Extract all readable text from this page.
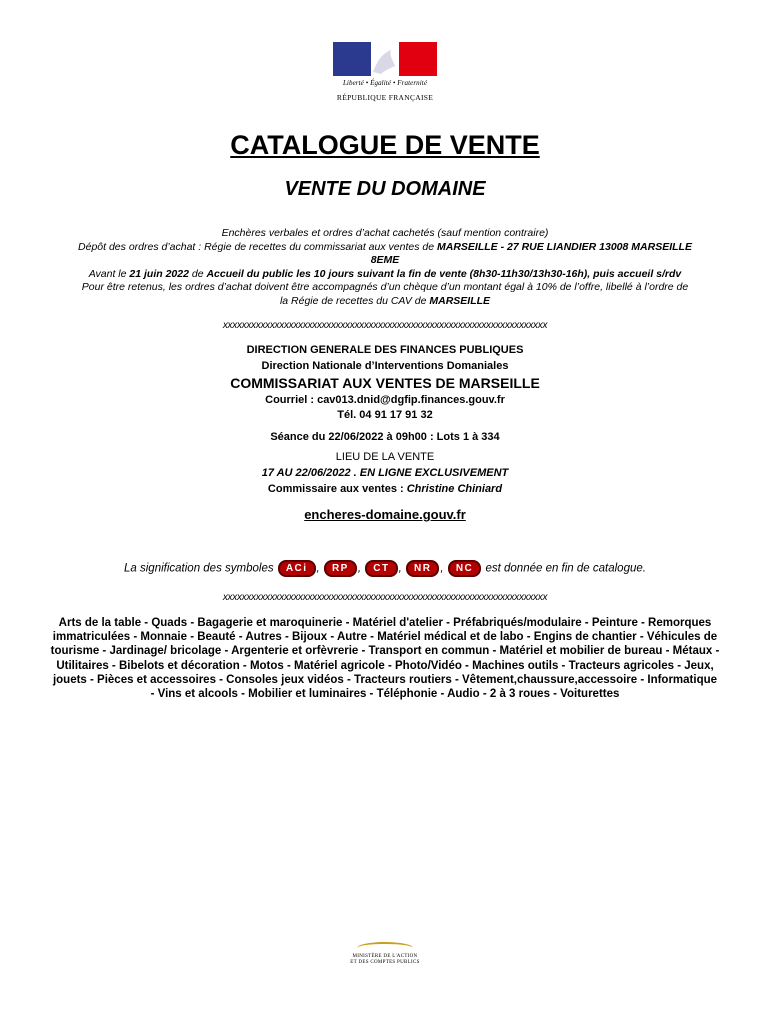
Liberté • Égalité • Fraternité
RÉPUBLIQUE FRANÇAISE
CATALOGUE DE VENTE
VENTE DU DOMAINE

Enchères verbales et ordres d’achat cachetés (sauf mention contraire)

Dépôt des ordres d’achat : Régie de recettes du commissariat aux ventes de MARSEILLE - 27 RUE LIANDIER 13008 MARSEILLE 8EME

Avant le 21 juin 2022 de Accueil du public les 10 jours suivant la fin de vente (8h30-11h30/13h30-16h), puis accueil s/rdv

Pour être retenus, les ordres d’achat doivent être accompagnés d’un chèque d’un montant égal à 10% de l’offre, libellé à l’ordre de la Régie de recettes du CAV de MARSEILLE

xxxxxxxxxxxxxxxxxxxxxxxxxxxxxxxxxxxxxxxxxxxxxxxxxxxxxxxxxxxxxxxxxxxxx
DIRECTION GENERALE DES FINANCES PUBLIQUES
Direction Nationale d’Interventions Domaniales
COMMISSARIAT AUX VENTES DE MARSEILLE
Courriel : cav013.dnid@dgfip.finances.gouv.fr
Tél. 04 91 17 91 32
Séance du 22/06/2022 à 09h00 : Lots 1 à 334
LIEU DE LA VENTE
17 AU 22/06/2022 . EN LIGNE EXCLUSIVEMENT
Commissaire aux ventes : Christine Chiniard
encheres-domaine.gouv.fr
La signification des symboles ACi , RP , CT , NR , NC est donnée en fin de catalogue.
xxxxxxxxxxxxxxxxxxxxxxxxxxxxxxxxxxxxxxxxxxxxxxxxxxxxxxxxxxxxxxxxxxxxx
Arts de la table - Quads - Bagagerie et maroquinerie - Matériel d'atelier - Préfabriqués/modulaire - Peinture - Remorques immatriculées - Monnaie - Beauté - Autres - Bijoux - Autre - Matériel médical et de labo - Engins de chantier - Véhicules de tourisme - Jardinage/ bricolage - Argenterie et orfèvrerie - Transport en commun - Matériel et mobilier de bureau - Métaux - Utilitaires - Bibelots et décoration - Motos - Matériel agricole - Photo/Vidéo - Machines outils - Tracteurs agricoles - Jeux, jouets - Pièces et accessoires - Consoles jeux vidéos - Tracteurs routiers - Vêtement,chaussure,accessoire - Informatique - Vins et alcools - Mobilier et luminaires - Téléphonie - Audio - 2 à 3 roues - Voiturettes
MINISTÈRE DE L'ACTION
ET DES COMPTES PUBLICS
